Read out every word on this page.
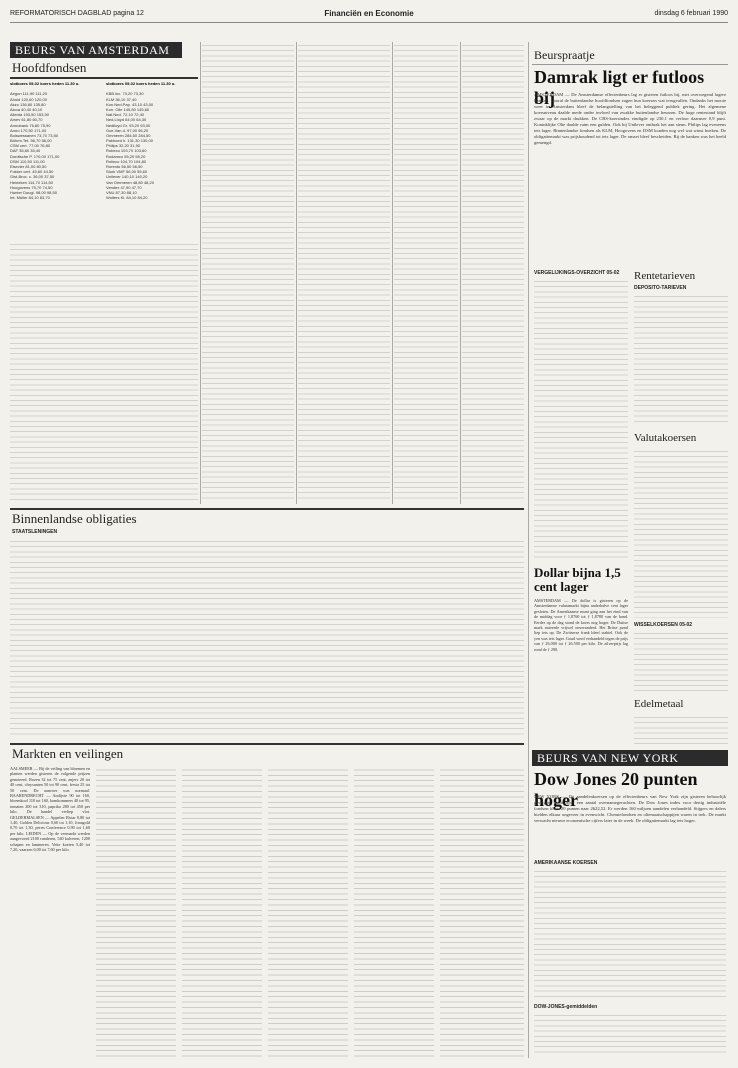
REFORMATORISCH DAGBLAD pagina 12	Financiën en Economie	dinsdag 6 februari 1990
BEURS VAN AMSTERDAM
Hoofdfondsen
slotkoers 05-02 koers heden 11.30 u.
Aegon 111,90 111,20
Ahold 120,60 120,00
Akzo 136,80 135,80
Alcoa 40,40 40,10
Allenta 153,50 153,50
Amev 61,80 60,70
Amrobank 76,80 75,90
Amro 170,50 171,00
Bolswessanen 73,70 73,50
Bührm.Tet. 56,70 56,00
CSM cert. 77,00 76,80
DAF 35,80 35,40
Dordtsche P. 170,00 171,00
DSM 110,50 111,00
Elsevier 81,00 80,50
Fokker cert. 45,60 44,50
Gist-Broc. c. 36,00 37,50
Heineken 114,70 114,50
Hoogovens 75,70 74,50
Hunter Dougl. 98,00 98,50
Int. Müller 84,10 83,70
slotkoers 05-02 koers heden 11.30 u.
KBB inc. 73,20 73,30
KLM 36,10 37,40
Kon.Ned.Pap. 43,10 43,00
Kon. Olie 145,80 145,60
Nat.Ned. 72,10 72,40
Ned.Lloyd 64,00 64,30
Nedlloyd Gr. 93,20 93,00
Oce-Van d. 97,00 96,20
Ommeren 284,50 284,50
Pakhoed h. 131,30 130,00
Philips 32,20 31,90
Robeco 103,70 103,60
Rodamco 55,20 55,20
Rolinco 104,70 104,80
Rorento 56,50 56,50
Stork VMF 56,00 55,60
Unilever 140,10 140,20
Van Ommeren 48,80 48,20
Vendex 47,90 47,70
VNU 87,30 88,10
Wolters Kl. 84,10 84,20
Binnenlandse obligaties
STAATSLENINGEN
Markten en veilingen
AALSMEER — Bij de veiling van bloemen en planten werden gisteren de volgende prijzen genoteerd. Rozen 32 tot 75 cent, anjers 20 tot 40 cent, chrysanten 50 tot 90 cent, fresia 25 tot 50 cent. De aanvoer was normaal. BAARENDRECHT — Andijvie 90 tot 160, bloemkool 110 tot 160, komkommers 40 tot 95, tomaten 200 tot 310, paprika 280 tot 450 per kilo. De handel verliep vlot. GELDERMALSEN — Appelen Elstar 0,80 tot 1,40, Golden Delicious 0,60 tot 1,10, Jonagold 0,70 tot 1,30, peren Conference 0,90 tot 1,60 per kilo. LEIDEN — Op de veemarkt werden aangevoerd 2100 runderen, 540 kalveren, 1200 schapen en lammeren. Vette koeien 5,40 tot 7,20, vaarzen 6,00 tot 7,60 per kilo.
Beurspraatje
Damrak ligt er futloos bij
AMSTERDAM — De Amsterdamse effectenbeurs lag er gisteren futloos bij, met overwegend lagere koersen. Vooral de buitenlandse hoofdfondsen zagen hun koersen wat terugvallen. Ondanks het mooie weer in Amsterdam bleef de belangstelling van het beleggend publiek gering. Het algemene koersniveau daalde mede onder invloed van zwakke buitenlandse beurzen. De hoge rentestand blijft zwaar op de markt drukken. De CBS-koersindex eindigde op 230,1 en verloor daarmee 0,9 punt. Koninklijke Olie daalde ruim een gulden. Ook bij Unilever ontbrak het aan steun. Philips lag eveneens iets lager. Binnenlandse fondsen als KLM, Hoogovens en DSM konden nog wel wat winst boeken. De obligatiemarkt was prijshoudend tot iets lager. De omzet bleef bescheiden. Bij de banken was het beeld gemengd.
VERGELIJKINGS-OVERZICHT 05-02 Rentetarieven
DEPOSITO-TARIEVEN
Valutakoersen
Dollar bijna 1,5 cent lager
AMSTERDAM — De dollar is gisteren op de Amsterdamse valutamarkt bijna anderhalve cent lager gesloten. De Amerikaanse munt ging aan het eind van de middag voor ƒ 1,8760 tot ƒ 1,8780 van de hand. Eerder op de dag stond de koers nog hoger. De Duitse mark noteerde vrijwel onveranderd. Het Britse pond liep iets op. De Zwitserse frank bleef stabiel. Ook de yen was iets lager. Goud werd verhandeld tegen de prijs van ƒ 26.000 tot ƒ 26.500 per kilo. De zilverprijs lag rond de ƒ 290.
WISSELKOERSEN 05-02
Edelmetaal
BEURS VAN NEW YORK
Dow Jones 20 punten hoger
NEW YORK — De aandelenkoersen op de effectenbeurs van New York zijn gisteren behoorlijk gestegen, mede door een aantal overnamegeruchten. De Dow Jones index voor dertig industriële fondsen klom 20 punten naar 2622,52. Er werden 160 miljoen aandelen verhandeld. Stijgers en dalers hielden elkaar ongeveer in evenwicht. Chemiefondsen en oliemaatschappijen waren in trek. De markt verwacht nieuwe economische cijfers later in de week. De obligatiemarkt lag iets hoger.
AMERIKAANSE KOERSEN
DOW-JONES-gemiddelden
